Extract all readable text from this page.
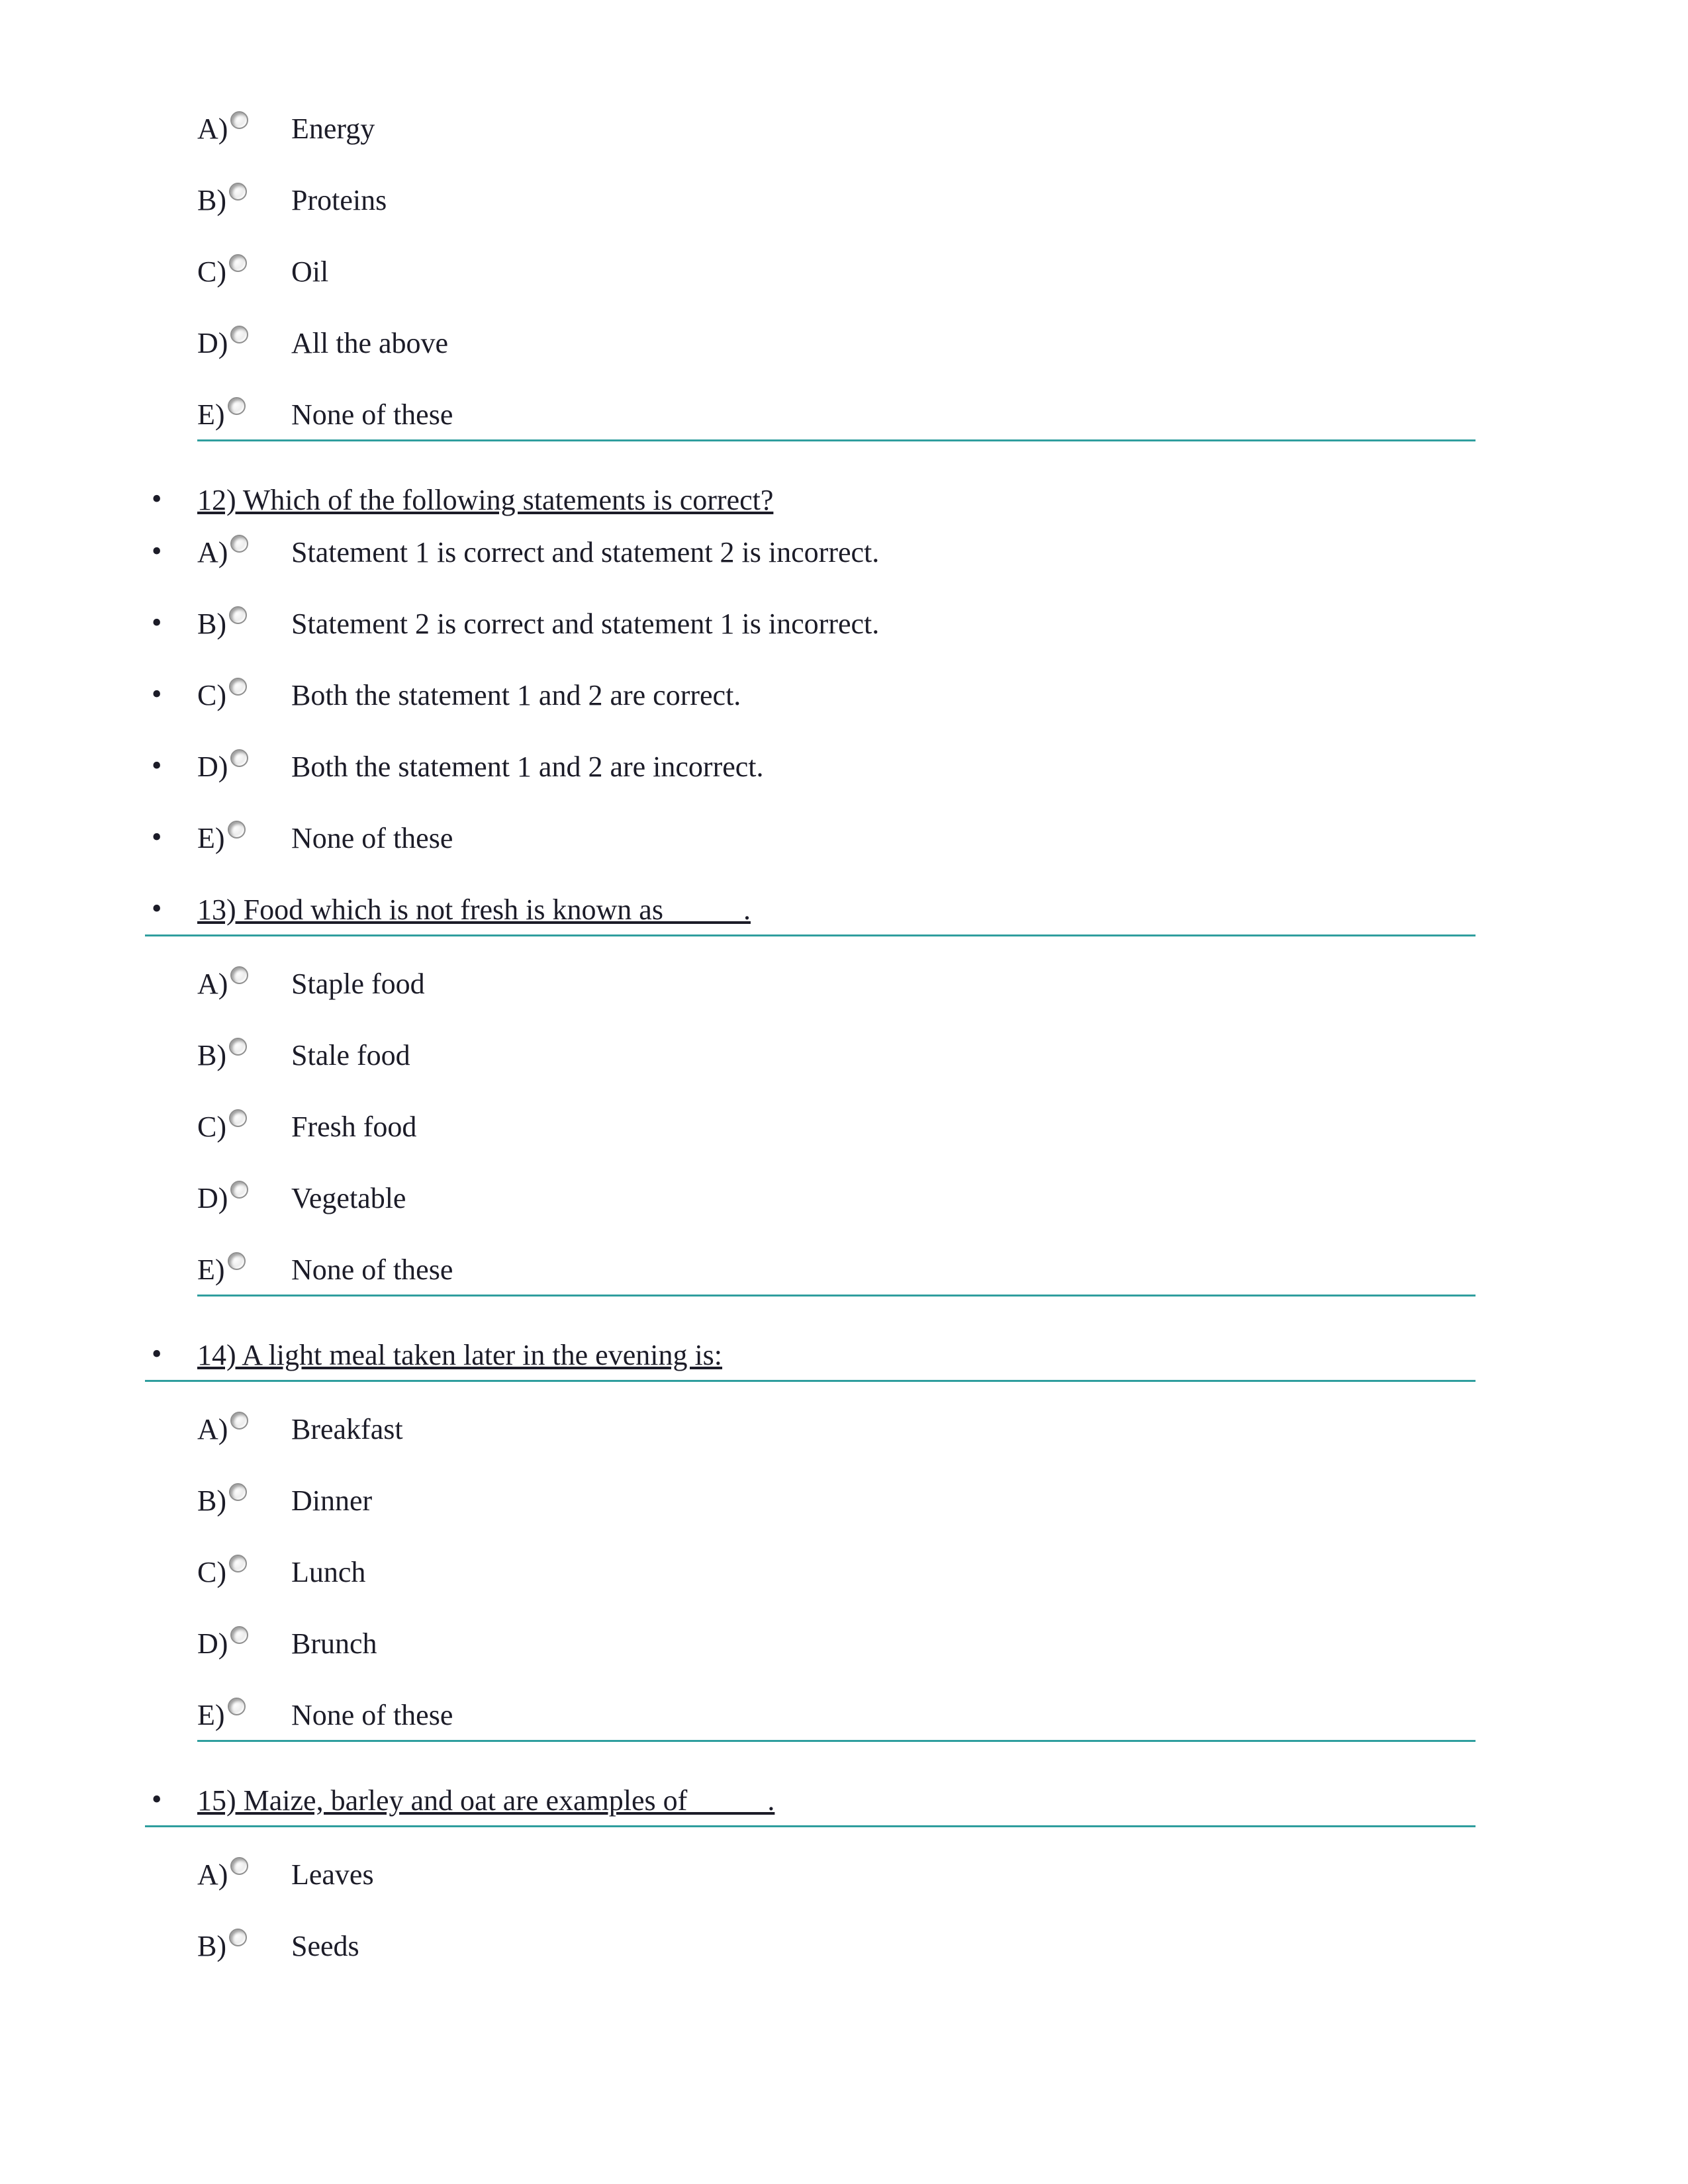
A) Energy
B) Proteins
C) Oil
D) All the above
E) None of these
• 12) Which of the following statements is correct?
• A) Statement 1 is correct and statement 2 is incorrect.
• B) Statement 2 is correct and statement 1 is incorrect.
• C) Both the statement 1 and 2 are correct.
• D) Both the statement 1 and 2 are incorrect.
• E) None of these
• 13) Food which is not fresh is known as _____.
A) Staple food
B) Stale food
C) Fresh food
D) Vegetable
E) None of these
• 14) A light meal taken later in the evening is:
A) Breakfast
B) Dinner
C) Lunch
D) Brunch
E) None of these
• 15) Maize, barley and oat are examples of _____.
A) Leaves
B) Seeds
